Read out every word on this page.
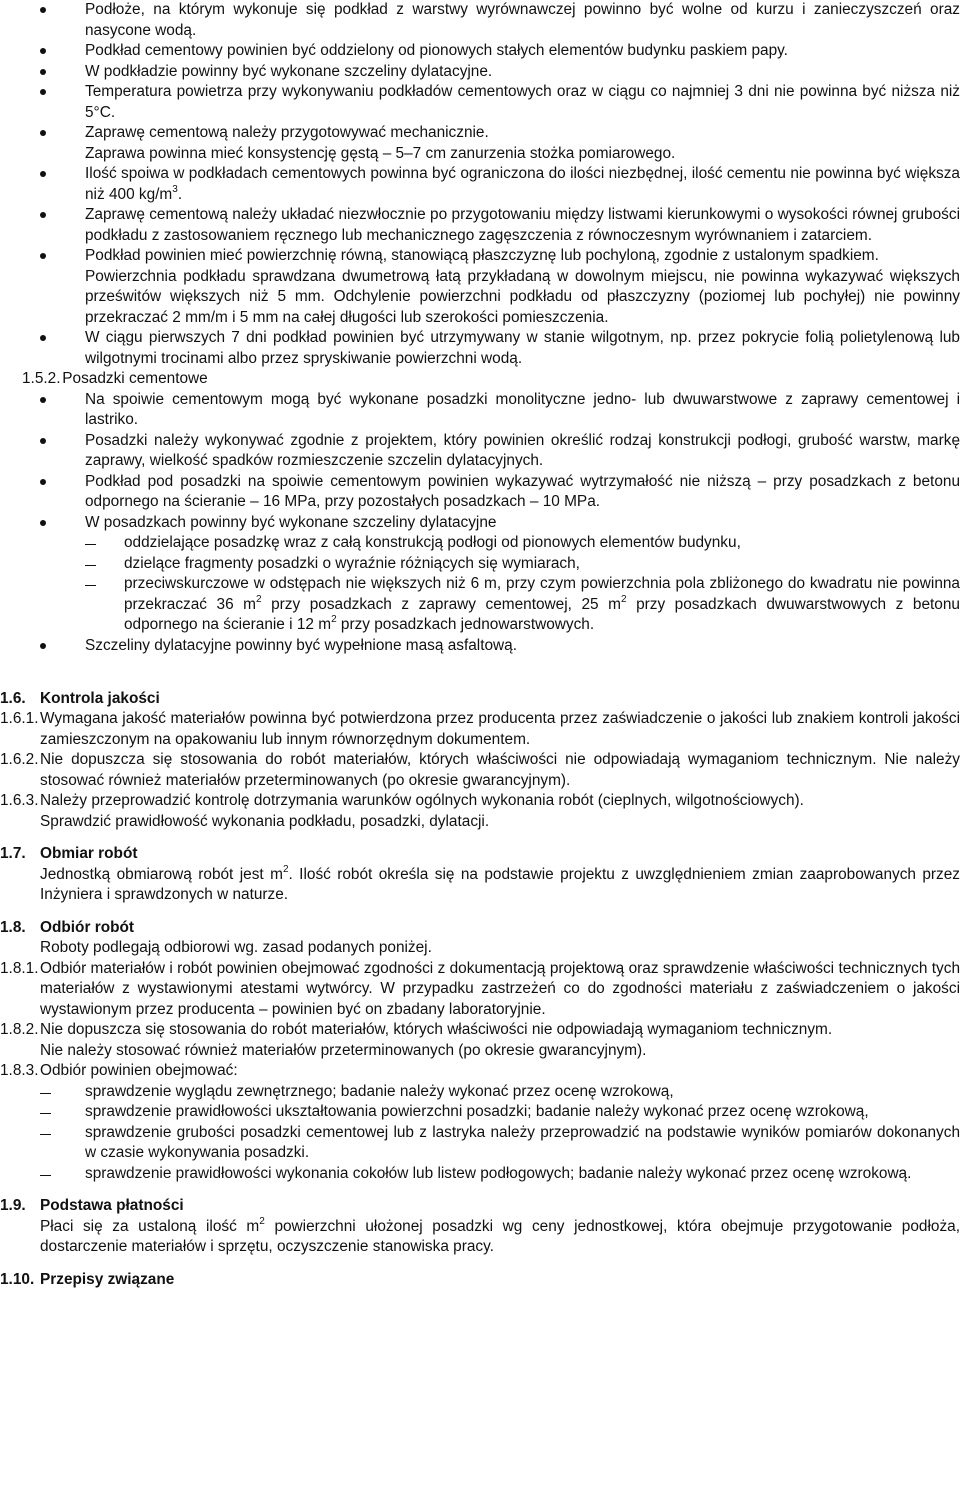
Podłoże, na którym wykonuje się podkład z warstwy wyrównawczej powinno być wolne od kurzu i zanieczyszczeń oraz nasycone wodą.

Podkład cementowy powinien być oddzielony od pionowych stałych elementów budynku paskiem papy.

W podkładzie powinny być wykonane szczeliny dylatacyjne.

Temperatura powietrza przy wykonywaniu podkładów cementowych oraz w ciągu co najmniej 3 dni nie powinna być niższa niż 5°C.

Zaprawę cementową należy przygotowywać mechanicznie.

Zaprawa powinna mieć konsystencję gęstą – 5–7 cm zanurzenia stożka pomiarowego.

Ilość spoiwa w podkładach cementowych powinna być ograniczona do ilości niezbędnej, ilość cementu nie powinna być większa niż 400 $kg/m^3$.

Zaprawę cementową należy układać niezwłocznie po przygotowaniu między listwami kierunkowymi o wysokości równej grubości podkładu z zastosowaniem ręcznego lub mechanicznego zagęszczenia z równoczesnym wyrównaniem i zatarciem.

Podkład powinien mieć powierzchnię równą, stanowiącą płaszczyznę lub pochyloną, zgodnie z ustalonym spadkiem.

Powierzchnia podkładu sprawdzana dwumetrową łatą przykładaną w dowolnym miejscu, nie powinna wykazywać większych prześwitów większych niż 5 mm. Odchylenie powierzchni podkładu od płaszczyzny (poziomej lub pochyłej) nie powinny przekraczać 2 mm/m i 5 mm na całej długości lub szerokości pomieszczenia.

W ciągu pierwszych 7 dni podkład powinien być utrzymywany w stanie wilgotnym, np. przez pokrycie folią polietylenową lub wilgotnymi trocinami albo przez spryskiwanie powierzchni wodą.

1.5.2. Posadzki cementowe

Na spoiwie cementowym mogą być wykonane posadzki monolityczne jedno- lub dwuwarstwowe z zaprawy cementowej i lastriko.

Posadzki należy wykonywać zgodnie z projektem, który powinien określić rodzaj konstrukcji podłogi, grubość warstw, markę zaprawy, wielkość spadków rozmieszczenie szczelin dylatacyjnych.

Podkład pod posadzki na spoiwie cementowym powinien wykazywać wytrzymałość nie niższą – przy posadzkach z betonu odpornego na ścieranie – 16 MPa, przy pozostałych posadzkach – 10 MPa.

W posadzkach powinny być wykonane szczeliny dylatacyjne

oddzielające posadzkę wraz z całą konstrukcją podłogi od pionowych elementów budynku,

dzielące fragmenty posadzki o wyraźnie różniących się wymiarach,

przeciwskurczowe w odstępach nie większych niż 6 m, przy czym powierzchnia pola zbliżonego do kwadratu nie powinna przekraczać 36 $m^2$ przy posadzkach z zaprawy cementowej, 25 $m^2$ przy posadzkach dwuwarstwowych z betonu odpornego na ścieranie i 12 $m^2$ przy posadzkach jednowarstwowych.

Szczeliny dylatacyjne powinny być wypełnione masą asfaltową.

1.6. Kontrola jakości

1.6.1. Wymagana jakość materiałów powinna być potwierdzona przez producenta przez zaświadczenie o jakości lub znakiem kontroli jakości zamieszczonym na opakowaniu lub innym równorzędnym dokumentem.

1.6.2. Nie dopuszcza się stosowania do robót materiałów, których właściwości nie odpowiadają wymaganiom technicznym. Nie należy stosować również materiałów przeterminowanych (po okresie gwarancyjnym).

1.6.3. Należy przeprowadzić kontrolę dotrzymania warunków ogólnych wykonania robót (cieplnych, wilgotnościowych).

Sprawdzić prawidłowość wykonania podkładu, posadzki, dylatacji.

1.7. Obmiar robót

Jednostką obmiarową robót jest $m^2$. Ilość robót określa się na podstawie projektu z uwzględnieniem zmian zaaprobowanych przez Inżyniera i sprawdzonych w naturze.

1.8. Odbiór robót

Roboty podlegają odbiorowi wg. zasad podanych poniżej.

1.8.1. Odbiór materiałów i robót powinien obejmować zgodności z dokumentacją projektową oraz sprawdzenie właściwości technicznych tych materiałów z wystawionymi atestami wytwórcy. W przypadku zastrzeżeń co do zgodności materiału z zaświadczeniem o jakości wystawionym przez producenta – powinien być on zbadany laboratoryjnie.

1.8.2. Nie dopuszcza się stosowania do robót materiałów, których właściwości nie odpowiadają wymaganiom technicznym.

Nie należy stosować również materiałów przeterminowanych (po okresie gwarancyjnym).

1.8.3. Odbiór powinien obejmować:

sprawdzenie wyglądu zewnętrznego; badanie należy wykonać przez ocenę wzrokową,

sprawdzenie prawidłowości ukształtowania powierzchni posadzki; badanie należy wykonać przez ocenę wzrokową,

sprawdzenie grubości posadzki cementowej lub z lastryka należy przeprowadzić na podstawie wyników pomiarów dokonanych w czasie wykonywania posadzki.

sprawdzenie prawidłowości wykonania cokołów lub listew podłogowych; badanie należy wykonać przez ocenę wzrokową.

1.9. Podstawa płatności

Płaci się za ustaloną ilość $m^2$ powierzchni ułożonej posadzki wg ceny jednostkowej, która obejmuje przygotowanie podłoża, dostarczenie materiałów i sprzętu, oczyszczenie stanowiska pracy.

1.10. Przepisy związane
